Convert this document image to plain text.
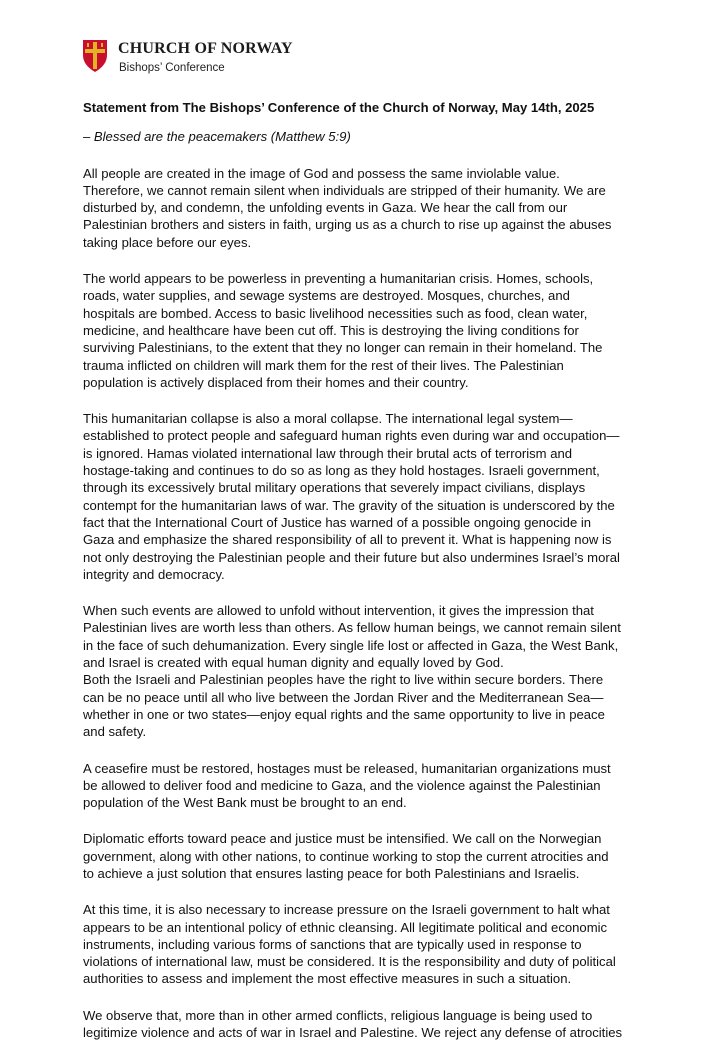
CHURCH OF NORWAY
Bishops’ Conference

Statement from The Bishops’ Conference of the Church of Norway, May 14th, 2025

– Blessed are the peacemakers (Matthew 5:9)

All people are created in the image of God and possess the same inviolable value.
Therefore, we cannot remain silent when individuals are stripped of their humanity. We are
disturbed by, and condemn, the unfolding events in Gaza. We hear the call from our
Palestinian brothers and sisters in faith, urging us as a church to rise up against the abuses
taking place before our eyes.

The world appears to be powerless in preventing a humanitarian crisis. Homes, schools,
roads, water supplies, and sewage systems are destroyed. Mosques, churches, and
hospitals are bombed. Access to basic livelihood necessities such as food, clean water,
medicine, and healthcare have been cut off. This is destroying the living conditions for
surviving Palestinians, to the extent that they no longer can remain in their homeland. The
trauma inflicted on children will mark them for the rest of their lives. The Palestinian
population is actively displaced from their homes and their country.

This humanitarian collapse is also a moral collapse. The international legal system—
established to protect people and safeguard human rights even during war and occupation—
is ignored. Hamas violated international law through their brutal acts of terrorism and
hostage-taking and continues to do so as long as they hold hostages. Israeli government,
through its excessively brutal military operations that severely impact civilians, displays
contempt for the humanitarian laws of war. The gravity of the situation is underscored by the
fact that the International Court of Justice has warned of a possible ongoing genocide in
Gaza and emphasize the shared responsibility of all to prevent it. What is happening now is
not only destroying the Palestinian people and their future but also undermines Israel’s moral
integrity and democracy.

When such events are allowed to unfold without intervention, it gives the impression that
Palestinian lives are worth less than others. As fellow human beings, we cannot remain silent
in the face of such dehumanization. Every single life lost or affected in Gaza, the West Bank,
and Israel is created with equal human dignity and equally loved by God.

Both the Israeli and Palestinian peoples have the right to live within secure borders. There
can be no peace until all who live between the Jordan River and the Mediterranean Sea—
whether in one or two states—enjoy equal rights and the same opportunity to live in peace
and safety.

A ceasefire must be restored, hostages must be released, humanitarian organizations must
be allowed to deliver food and medicine to Gaza, and the violence against the Palestinian
population of the West Bank must be brought to an end.

Diplomatic efforts toward peace and justice must be intensified. We call on the Norwegian
government, along with other nations, to continue working to stop the current atrocities and
to achieve a just solution that ensures lasting peace for both Palestinians and Israelis.

At this time, it is also necessary to increase pressure on the Israeli government to halt what
appears to be an intentional policy of ethnic cleansing. All legitimate political and economic
instruments, including various forms of sanctions that are typically used in response to
violations of international law, must be considered. It is the responsibility and duty of political
authorities to assess and implement the most effective measures in such a situation.

We observe that, more than in other armed conflicts, religious language is being used to
legitimize violence and acts of war in Israel and Palestine. We reject any defense of atrocities
